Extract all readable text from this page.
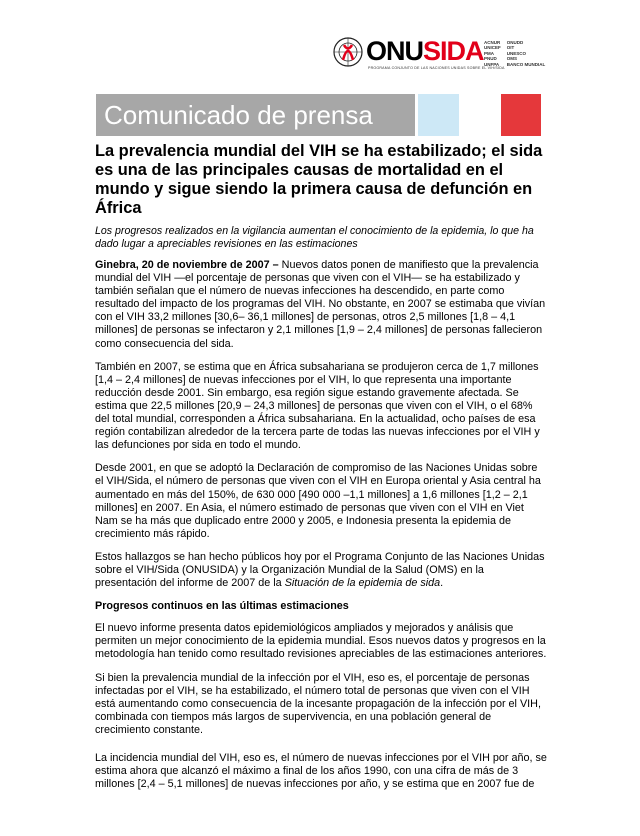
ONUSIDA ACNUR
UNICEF
PMA
PNUD
UNFPA
ONUDD
OIT
UNESCO
OMS
BANCO MUNDIAL
PROGRAMA CONJUNTO DE LAS NACIONES UNIDAS SOBRE EL VIH/SIDA
Comunicado de prensa
La prevalencia mundial del VIH se ha estabilizado; el sida es una de las principales causas de mortalidad en el mundo y sigue siendo la primera causa de defunción en África
Los progresos realizados en la vigilancia aumentan el conocimiento de la epidemia, lo que ha dado lugar a apreciables revisiones en las estimaciones

Ginebra, 20 de noviembre de 2007 – Nuevos datos ponen de manifiesto que la prevalencia mundial del VIH —el porcentaje de personas que viven con el VIH— se ha estabilizado y también señalan que el número de nuevas infecciones ha descendido, en parte como resultado del impacto de los programas del VIH. No obstante, en 2007 se estimaba que vivían con el VIH 33,2 millones [30,6– 36,1 millones] de personas, otros 2,5 millones [1,8 – 4,1 millones] de personas se infectaron y 2,1 millones [1,9 – 2,4 millones] de personas fallecieron como consecuencia del sida.

También en 2007, se estima que en África subsahariana se produjeron cerca de 1,7 millones [1,4 – 2,4 millones] de nuevas infecciones por el VIH, lo que representa una importante reducción desde 2001. Sin embargo, esa región sigue estando gravemente afectada. Se estima que 22,5 millones [20,9 – 24,3 millones] de personas que viven con el VIH, o el 68% del total mundial, corresponden a África subsahariana. En la actualidad, ocho países de esa región contabilizan alrededor de la tercera parte de todas las nuevas infecciones por el VIH y las defunciones por sida en todo el mundo.

Desde 2001, en que se adoptó la Declaración de compromiso de las Naciones Unidas sobre el VIH/Sida, el número de personas que viven con el VIH en Europa oriental y Asia central ha aumentado en más del 150%, de 630 000 [490 000 –1,1 millones] a 1,6 millones [1,2 – 2,1 millones] en 2007. En Asia, el número estimado de personas que viven con el VIH en Viet Nam se ha más que duplicado entre 2000 y 2005, e Indonesia presenta la epidemia de crecimiento más rápido.

Estos hallazgos se han hecho públicos hoy por el Programa Conjunto de las Naciones Unidas sobre el VIH/Sida (ONUSIDA) y la Organización Mundial de la Salud (OMS) en la presentación del informe de 2007 de la Situación de la epidemia de sida.

Progresos continuos en las últimas estimaciones

El nuevo informe presenta datos epidemiológicos ampliados y mejorados y análisis que permiten un mejor conocimiento de la epidemia mundial. Esos nuevos datos y progresos en la metodología han tenido como resultado revisiones apreciables de las estimaciones anteriores.

Si bien la prevalencia mundial de la infección por el VIH, eso es, el porcentaje de personas infectadas por el VIH, se ha estabilizado, el número total de personas que viven con el VIH está aumentando como consecuencia de la incesante propagación de la infección por el VIH, combinada con tiempos más largos de supervivencia, en una población general de crecimiento constante.

La incidencia mundial del VIH, eso es, el número de nuevas infecciones por el VIH por año, se estima ahora que alcanzó el máximo a final de los años 1990, con una cifra de más de 3 millones [2,4 – 5,1 millones] de nuevas infecciones por año, y se estima que en 2007 fue de
